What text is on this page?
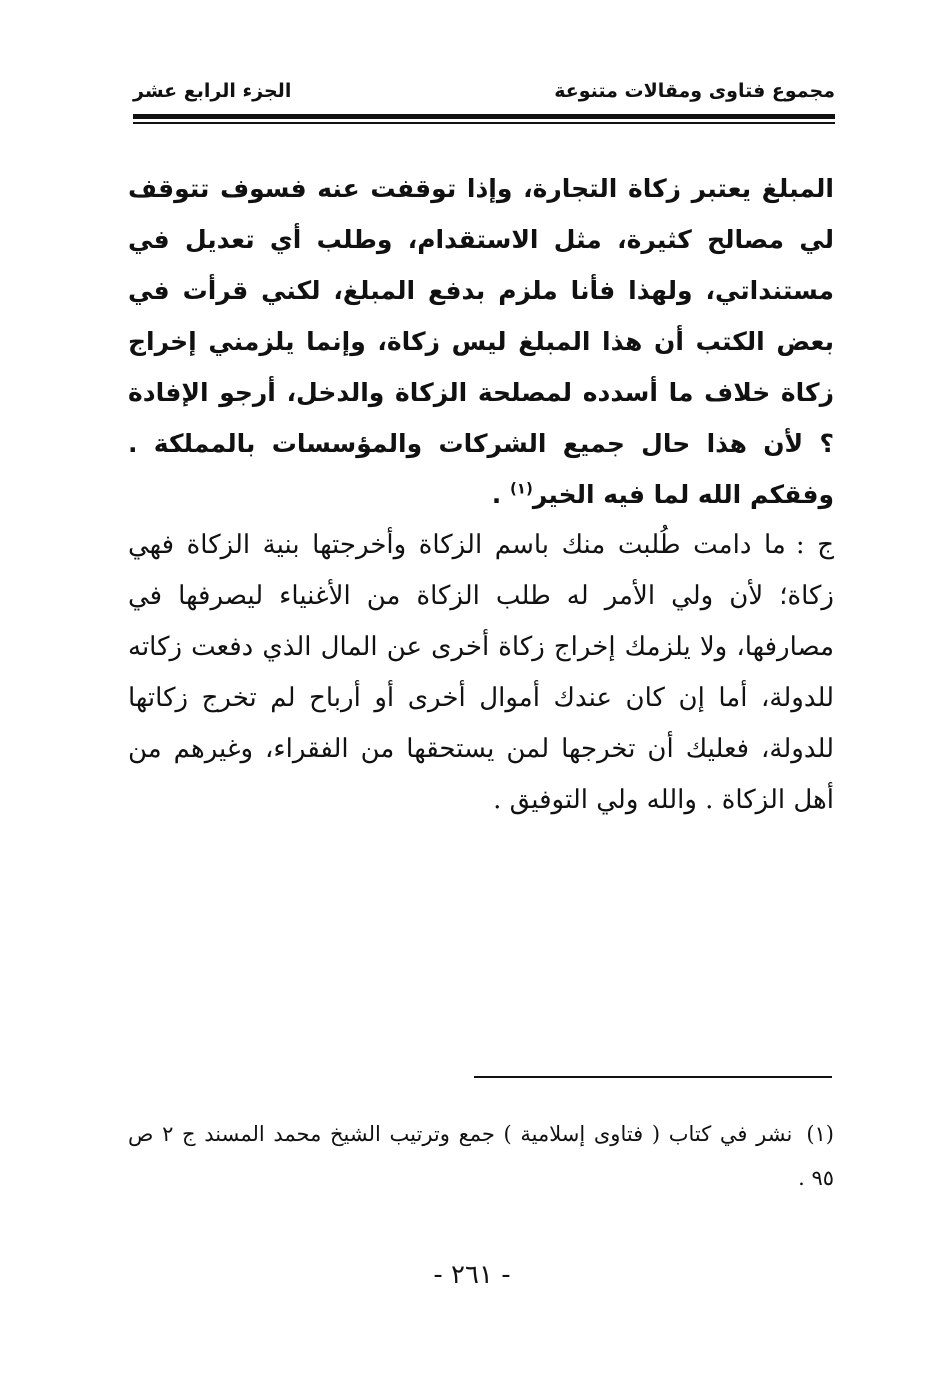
مجموع فتاوى ومقالات متنوعة
الجزء الرابع عشر

المبلغ يعتبر زكاة التجارة، وإذا توقفت عنه فسوف تتوقف لي مصالح كثيرة، مثل الاستقدام، وطلب أي تعديل في مستنداتي، ولهذا فأنا ملزم بدفع المبلغ، لكني قرأت في بعض الكتب أن هذا المبلغ ليس زكاة، وإنما يلزمني إخراج زكاة خلاف ما أسدده لمصلحة الزكاة والدخل، أرجو الإفادة ؟ لأن هذا حال جميع الشركات والمؤسسات بالمملكة . وفقكم الله لما فيه الخير$^{(١)}$ .

ج :ما دامت طُلبت منك باسم الزكاة وأخرجتها بنية الزكاة فهي زكاة؛ لأن ولي الأمر له طلب الزكاة من الأغنياء ليصرفها في مصارفها، ولا يلزمك إخراج زكاة أخرى عن المال الذي دفعت زكاته للدولة، أما إن كان عندك أموال أخرى أو أرباح لم تخرج زكاتها للدولة، فعليك أن تخرجها لمن يستحقها من الفقراء، وغيرهم من أهل الزكاة . والله ولي التوفيق .

(١)نشر في كتاب ( فتاوى إسلامية ) جمع وترتيب الشيخ محمد المسند ج ٢ ص ٩٥ .
- ٢٦١ -
